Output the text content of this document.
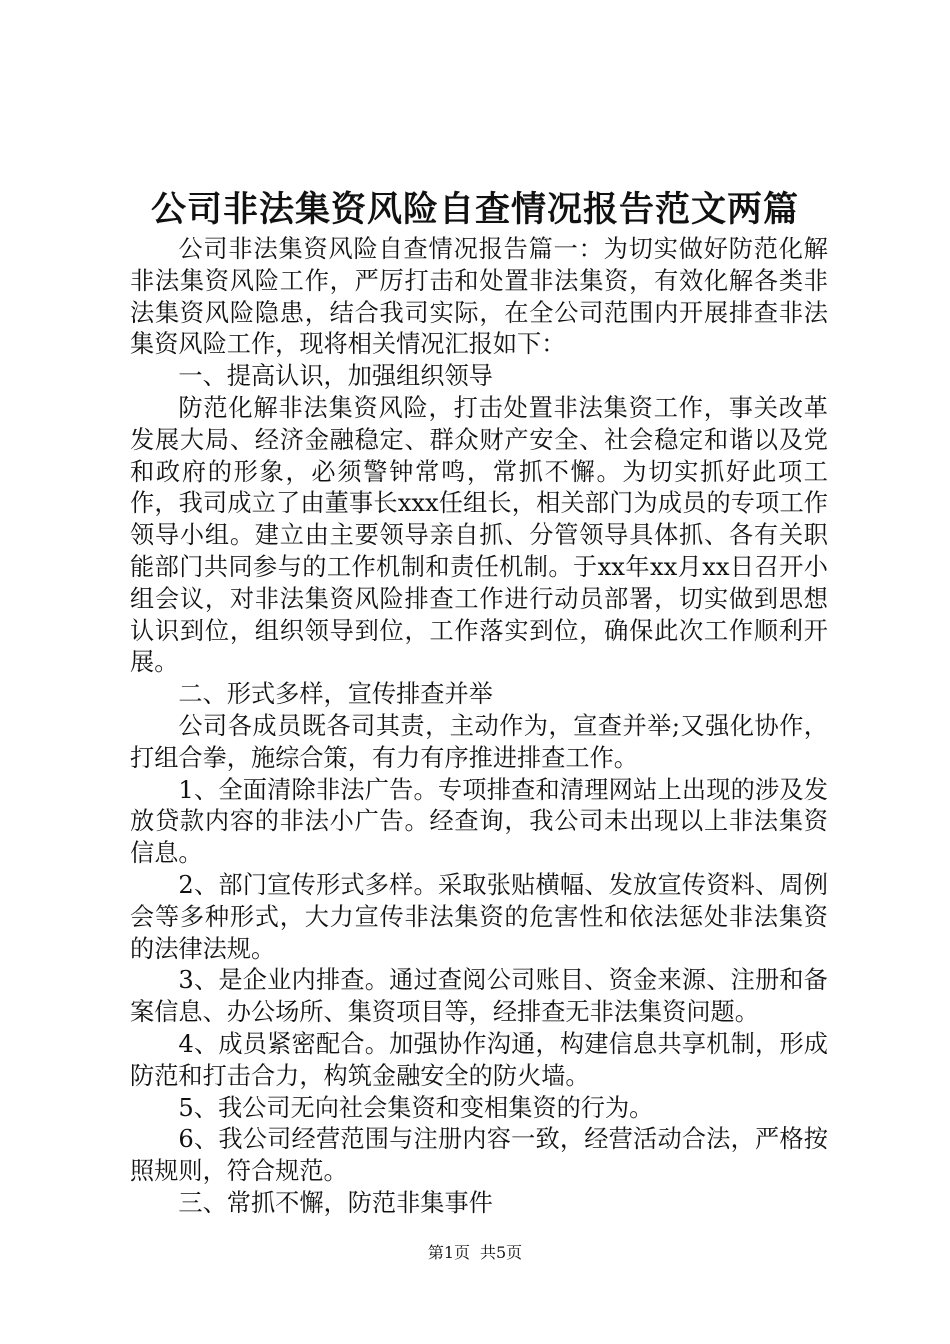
公司非法集资风险自查情况报告范文两篇

公司非法集资风险自查情况报告篇一：为切实做好防范化解非法集资风险工作，严厉打击和处置非法集资，有效化解各类非法集资风险隐患，结合我司实际，在全公司范围内开展排查非法集资风险工作，现将相关情况汇报如下：

一、提高认识，加强组织领导

防范化解非法集资风险，打击处置非法集资工作，事关改革发展大局、经济金融稳定、群众财产安全、社会稳定和谐以及党和政府的形象，必须警钟常鸣，常抓不懈。为切实抓好此项工作，我司成立了由董事长xxx任组长，相关部门为成员的专项工作领导小组。建立由主要领导亲自抓、分管领导具体抓、各有关职能部门共同参与的工作机制和责任机制。于xx年xx月xx日召开小组会议，对非法集资风险排查工作进行动员部署，切实做到思想认识到位，组织领导到位，工作落实到位，确保此次工作顺利开展。

二、形式多样，宣传排查并举

公司各成员既各司其责，主动作为，宣查并举;又强化协作，打组合拳，施综合策，有力有序推进排查工作。

1、全面清除非法广告。专项排查和清理网站上出现的涉及发放贷款内容的非法小广告。经查询，我公司未出现以上非法集资信息。

2、部门宣传形式多样。采取张贴横幅、发放宣传资料、周例会等多种形式，大力宣传非法集资的危害性和依法惩处非法集资的法律法规。

3、是企业内排查。通过查阅公司账目、资金来源、注册和备案信息、办公场所、集资项目等，经排查无非法集资问题。

4、成员紧密配合。加强协作沟通，构建信息共享机制，形成防范和打击合力，构筑金融安全的防火墙。

5、我公司无向社会集资和变相集资的行为。

6、我公司经营范围与注册内容一致，经营活动合法，严格按照规则，符合规范。

三、常抓不懈，防范非集事件

第1页 共5页
